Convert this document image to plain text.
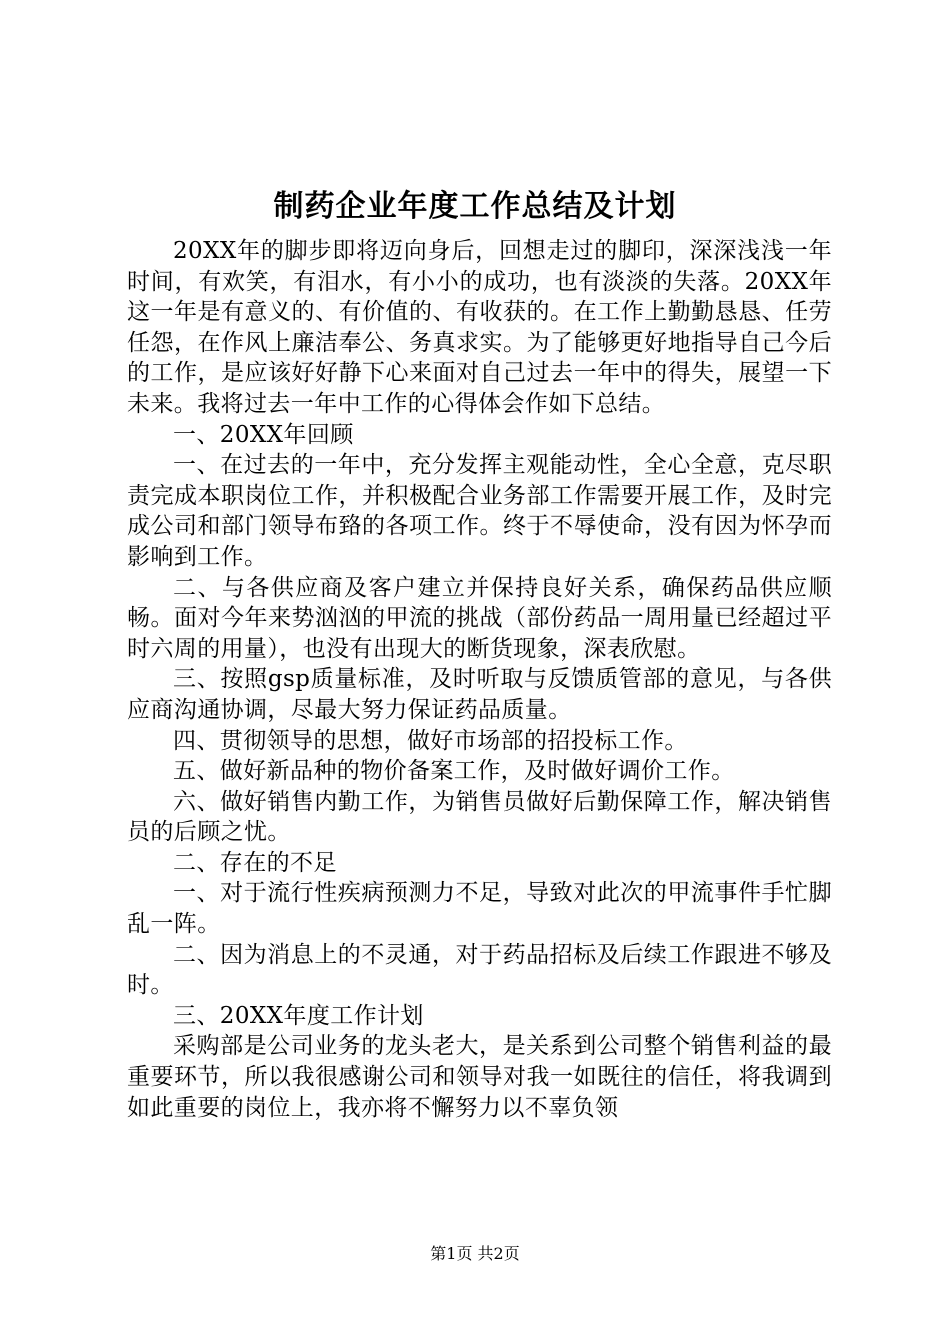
制药企业年度工作总结及计划

20XX年的脚步即将迈向身后，回想走过的脚印，深深浅浅一年时间，有欢笑，有泪水，有小小的成功，也有淡淡的失落。20XX年这一年是有意义的、有价值的、有收获的。在工作上勤勤恳恳、任劳任怨，在作风上廉洁奉公、务真求实。为了能够更好地指导自己今后的工作，是应该好好静下心来面对自己过去一年中的得失，展望一下未来。我将过去一年中工作的心得体会作如下总结。

一、20XX年回顾

一、在过去的一年中，充分发挥主观能动性，全心全意，克尽职责完成本职岗位工作，并积极配合业务部工作需要开展工作，及时完成公司和部门领导布臵的各项工作。终于不辱使命，没有因为怀孕而影响到工作。

二、与各供应商及客户建立并保持良好关系，确保药品供应顺畅。面对今年来势汹汹的甲流的挑战（部份药品一周用量已经超过平时六周的用量），也没有出现大的断货现象，深表欣慰。

三、按照gsp质量标准，及时听取与反馈质管部的意见，与各供应商沟通协调，尽最大努力保证药品质量。

四、贯彻领导的思想，做好市场部的招投标工作。

五、做好新品种的物价备案工作，及时做好调价工作。

六、做好销售内勤工作，为销售员做好后勤保障工作，解决销售员的后顾之忧。

二、存在的不足

一、对于流行性疾病预测力不足，导致对此次的甲流事件手忙脚乱一阵。

二、因为消息上的不灵通，对于药品招标及后续工作跟进不够及时。

三、20XX年度工作计划

采购部是公司业务的龙头老大，是关系到公司整个销售利益的最重要环节，所以我很感谢公司和领导对我一如既往的信任，将我调到如此重要的岗位上，我亦将不懈努力以不辜负领

第1页 共2页
